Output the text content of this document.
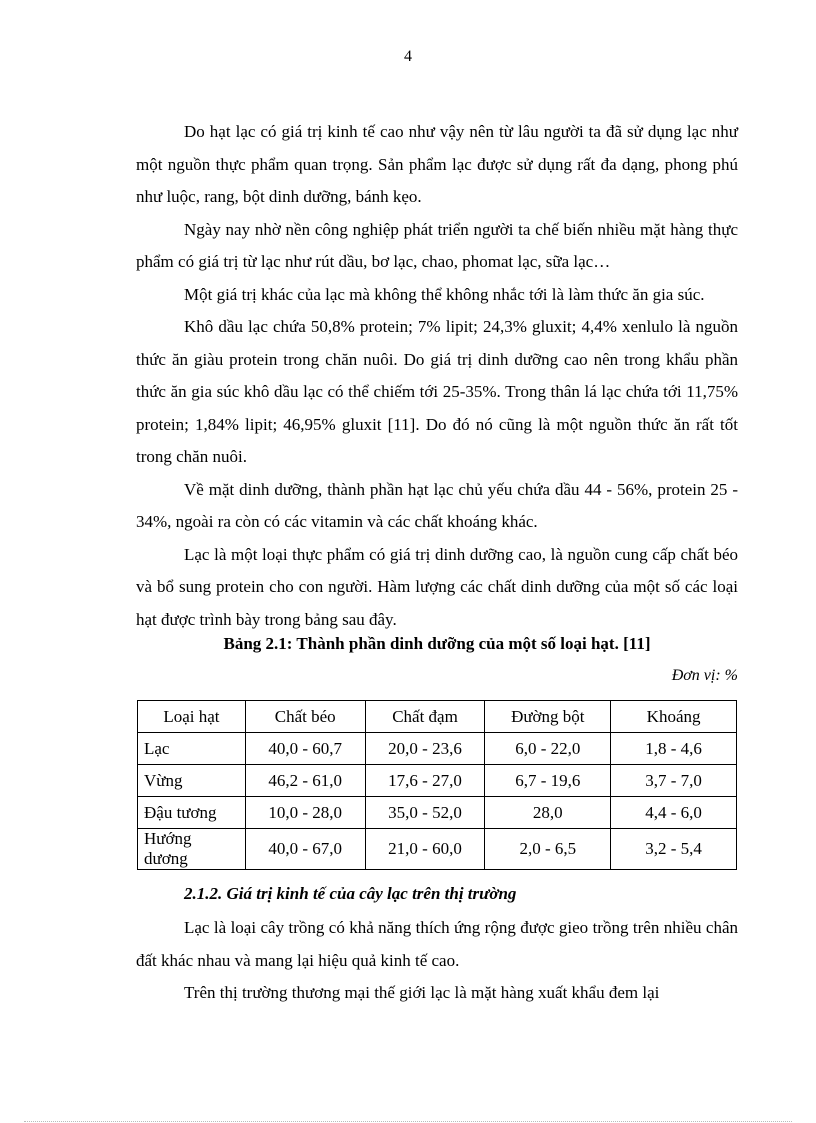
4

Do hạt lạc có giá trị kinh tế cao như vậy nên từ lâu người ta đã sử dụng lạc như một nguồn thực phẩm quan trọng. Sản phẩm lạc được sử dụng rất đa dạng, phong phú như luộc, rang, bột dinh dưỡng, bánh kẹo.

Ngày nay nhờ nền công nghiệp phát triển người ta chế biến nhiều mặt hàng thực phẩm có giá trị từ lạc như rút dầu, bơ lạc, chao, phomat lạc, sữa lạc…

Một giá trị khác của lạc mà không thể không nhắc tới là làm thức ăn gia súc.

Khô dầu lạc chứa 50,8% protein; 7% lipit; 24,3% gluxit; 4,4% xenlulo là nguồn thức ăn giàu protein trong chăn nuôi. Do giá trị dinh dưỡng cao nên trong khẩu phần thức ăn gia súc khô dầu lạc có thể chiếm tới 25-35%. Trong thân lá lạc chứa tới 11,75% protein; 1,84% lipit; 46,95% gluxit [11]. Do đó nó cũng là một nguồn thức ăn rất tốt trong chăn nuôi.

Về mặt dinh dưỡng, thành phần hạt lạc chủ yếu chứa dầu 44 - 56%, protein 25 - 34%, ngoài ra còn có các vitamin và các chất khoáng khác.

Lạc là một loại thực phẩm có giá trị dinh dưỡng cao, là nguồn cung cấp chất béo và bổ sung protein cho con người. Hàm lượng các chất dinh dưỡng của một số các loại hạt được trình bày trong bảng sau đây.

Bảng 2.1: Thành phần dinh dưỡng của một số loại hạt. [11]
Đơn vị: %
Loại hạt	Chất béo	Chất đạm	Đường bột	Khoáng
Lạc	40,0 - 60,7	20,0 - 23,6	6,0 - 22,0	1,8 - 4,6
Vừng	46,2 - 61,0	17,6 - 27,0	6,7 - 19,6	3,7 - 7,0
Đậu tương	10,0 - 28,0	35,0 - 52,0	28,0	4,4 - 6,0
Hướng dương	40,0 - 67,0	21,0 - 60,0	2,0 - 6,5	3,2 - 5,4
2.1.2. Giá trị kinh tế của cây lạc trên thị trường

Lạc là loại cây trồng có khả năng thích ứng rộng được gieo trồng trên nhiều chân đất khác nhau và mang lại hiệu quả kinh tế cao.

Trên thị trường thương mại thế giới lạc là mặt hàng xuất khẩu đem lại
